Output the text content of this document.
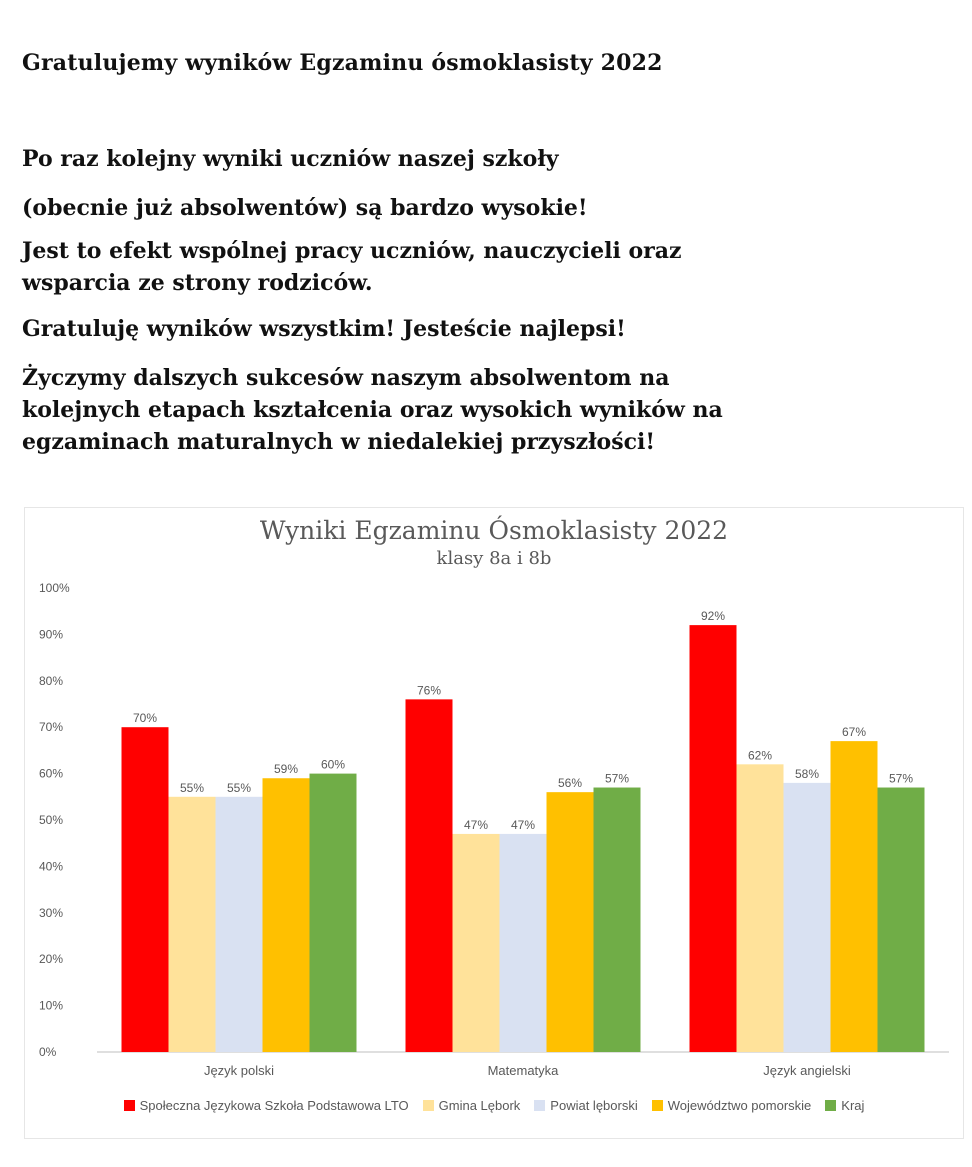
Gratulujemy wyników Egzaminu ósmoklasisty 2022

Po raz kolejny wyniki uczniów naszej szkoły

(obecnie już absolwentów) są bardzo wysokie!

Jest to efekt wspólnej pracy uczniów, nauczycieli oraz

wsparcia ze strony rodziców.

Gratuluję wyników wszystkim! Jesteście najlepsi!

Życzymy dalszych sukcesów naszym absolwentom na

kolejnych etapach kształcenia oraz wysokich wyników na

egzaminach maturalnych w niedalekiej przyszłości!

Wyniki Egzaminu Ósmoklasisty 2022
klasy 8a i 8b
0%
10%
20%
30%
40%
50%
60%
70%
80%
90%
100%
70%
55% 55%
59% 60%
Język polski
76%
47% 47%
56% 57%
Matematyka
92%
62%
58%
67%
57%
Język angielski
Społeczna Językowa Szkoła Podstawowa LTO Gmina Lębork Powiat lęborski Województwo pomorskie Kraj
